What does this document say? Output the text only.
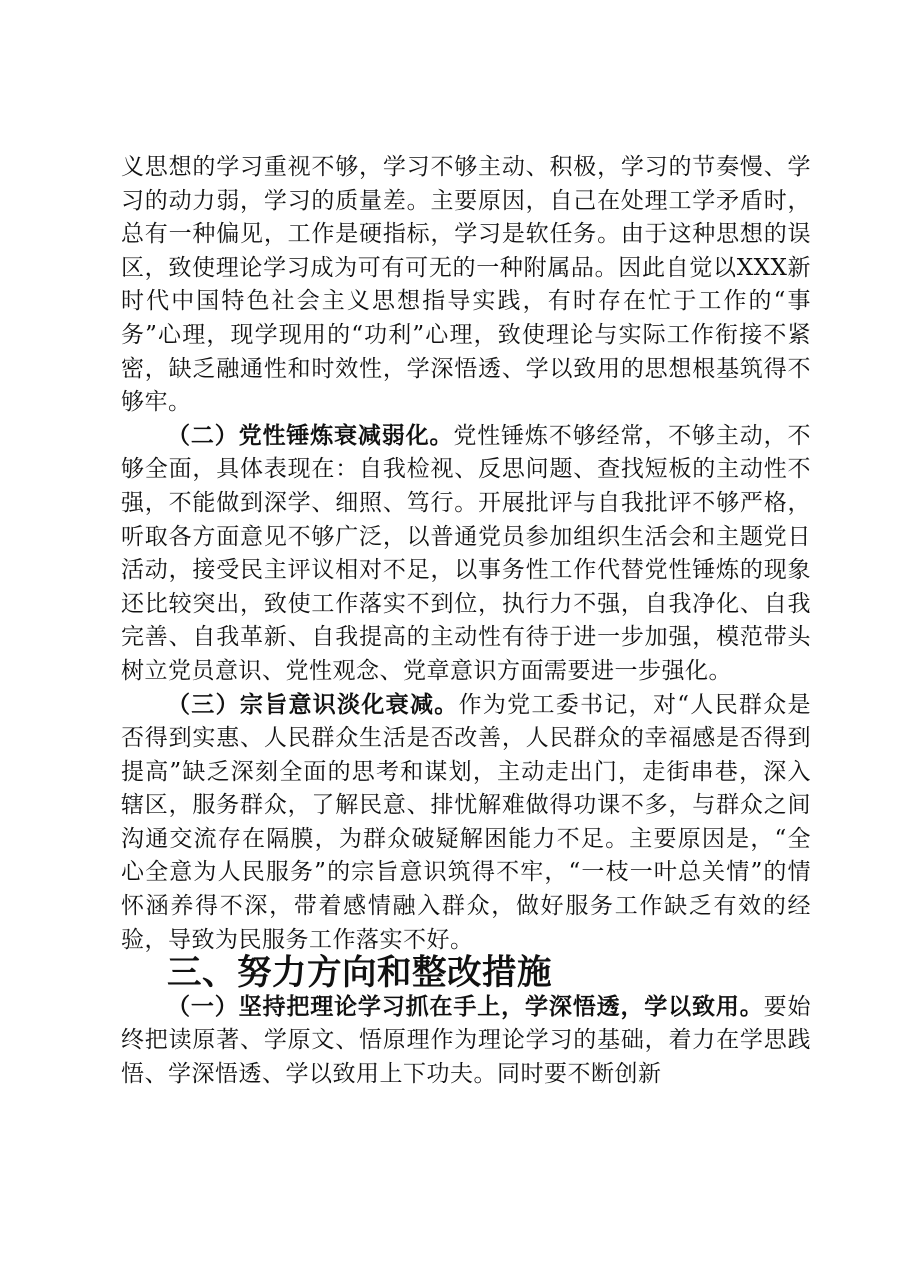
义思想的学习重视不够，学习不够主动、积极，学习的节奏慢、学习的动力弱，学习的质量差。主要原因，自己在处理工学矛盾时，总有一种偏见，工作是硬指标，学习是软任务。由于这种思想的误区，致使理论学习成为可有可无的一种附属品。因此自觉以XXX新时代中国特色社会主义思想指导实践，有时存在忙于工作的“事务”心理，现学现用的“功利”心理，致使理论与实际工作衔接不紧密，缺乏融通性和时效性，学深悟透、学以致用的思想根基筑得不够牢。

（二）党性锤炼衰减弱化。党性锤炼不够经常，不够主动，不够全面，具体表现在：自我检视、反思问题、查找短板的主动性不强，不能做到深学、细照、笃行。开展批评与自我批评不够严格，听取各方面意见不够广泛，以普通党员参加组织生活会和主题党日活动，接受民主评议相对不足，以事务性工作代替党性锤炼的现象还比较突出，致使工作落实不到位，执行力不强，自我净化、自我完善、自我革新、自我提高的主动性有待于进一步加强，模范带头树立党员意识、党性观念、党章意识方面需要进一步强化。

（三）宗旨意识淡化衰减。作为党工委书记，对“人民群众是否得到实惠、人民群众生活是否改善，人民群众的幸福感是否得到提高”缺乏深刻全面的思考和谋划，主动走出门，走街串巷，深入辖区，服务群众，了解民意、排忧解难做得功课不多，与群众之间沟通交流存在隔膜，为群众破疑解困能力不足。主要原因是，“全心全意为人民服务”的宗旨意识筑得不牢，“一枝一叶总关情”的情怀涵养得不深，带着感情融入群众，做好服务工作缺乏有效的经验，导致为民服务工作落实不好。

三、努力方向和整改措施

（一）坚持把理论学习抓在手上，学深悟透，学以致用。要始终把读原著、学原文、悟原理作为理论学习的基础，着力在学思践悟、学深悟透、学以致用上下功夫。同时要不断创新
